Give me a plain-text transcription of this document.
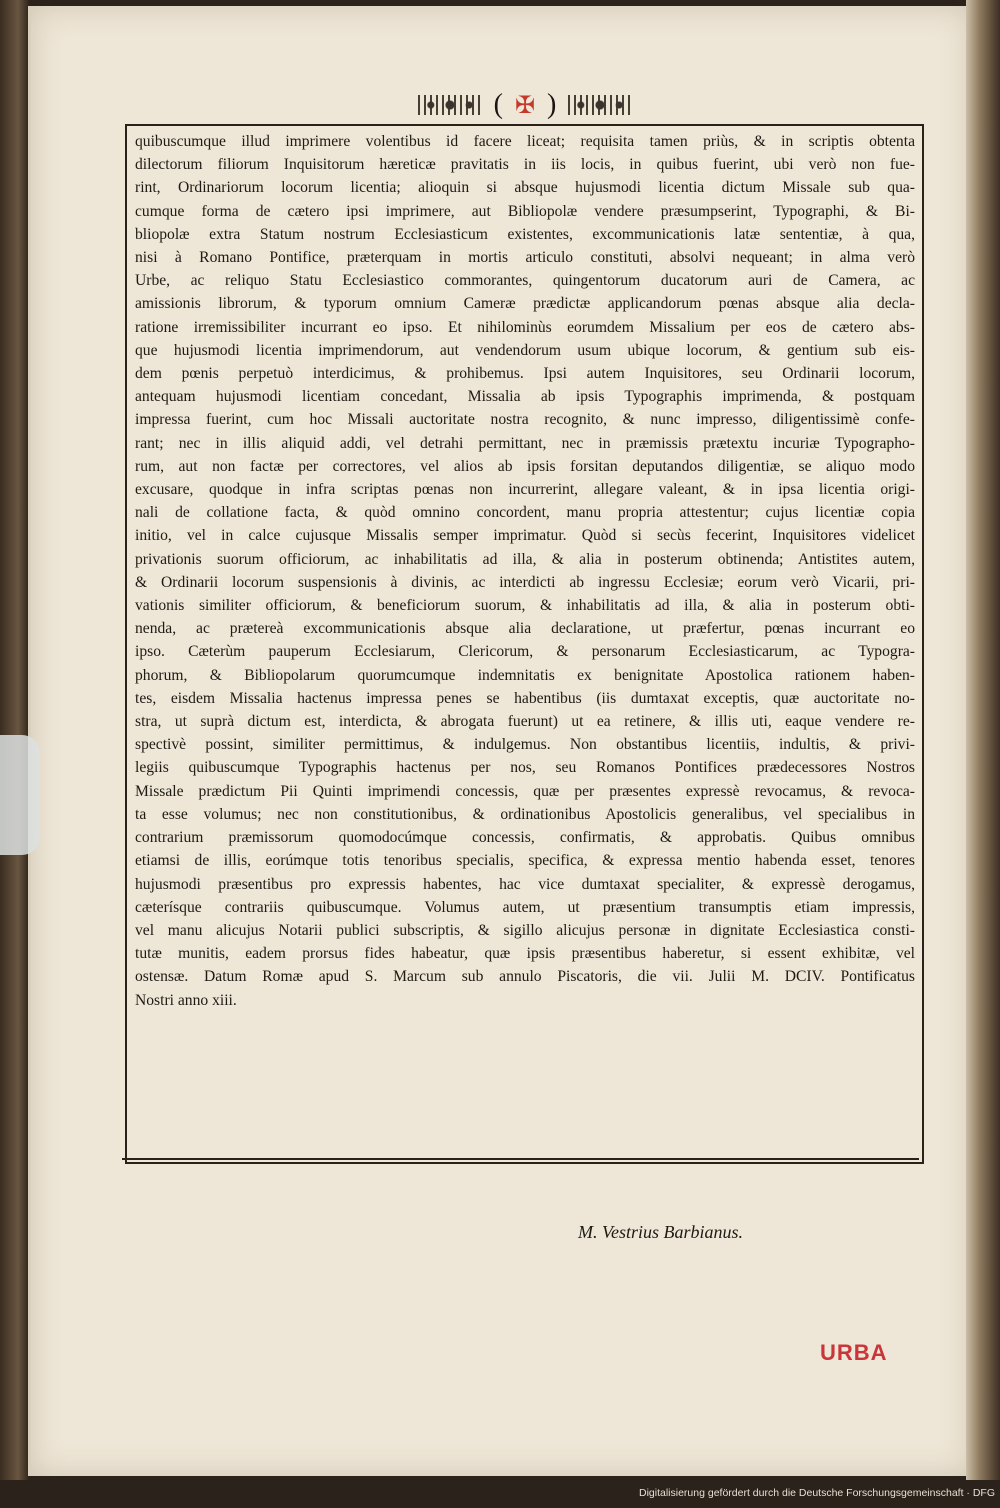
( ✠ )
quibuscumque illud imprimere volentibus id facere liceat; requisita tamen priùs, & in scriptis obtenta
dilectorum filiorum Inquisitorum hæreticæ pravitatis in iis locis, in quibus fuerint, ubi verò non fue-
rint, Ordinariorum locorum licentia; alioquin si absque hujusmodi licentia dictum Missale sub qua-
cumque forma de cætero ipsi imprimere, aut Bibliopolæ vendere præsumpserint, Typographi, & Bi-
bliopolæ extra Statum nostrum Ecclesiasticum existentes, excommunicationis latæ sententiæ, à qua,
nisi à Romano Pontifice, præterquam in mortis articulo constituti, absolvi nequeant; in alma verò
Urbe, ac reliquo Statu Ecclesiastico commorantes, quingentorum ducatorum auri de Camera, ac
amissionis librorum, & typorum omnium Cameræ prædictæ applicandorum pœnas absque alia decla-
ratione irremissibiliter incurrant eo ipso. Et nihilominùs eorumdem Missalium per eos de cætero abs-
que hujusmodi licentia imprimendorum, aut vendendorum usum ubique locorum, & gentium sub eis-
dem pœnis perpetuò interdicimus, & prohibemus. Ipsi autem Inquisitores, seu Ordinarii locorum,
antequam hujusmodi licentiam concedant, Missalia ab ipsis Typographis imprimenda, & postquam
impressa fuerint, cum hoc Missali auctoritate nostra recognito, & nunc impresso, diligentissimè confe-
rant; nec in illis aliquid addi, vel detrahi permittant, nec in præmissis prætextu incuriæ Typographo-
rum, aut non factæ per correctores, vel alios ab ipsis forsitan deputandos diligentiæ, se aliquo modo
excusare, quodque in infra scriptas pœnas non incurrerint, allegare valeant, & in ipsa licentia origi-
nali de collatione facta, & quòd omnino concordent, manu propria attestentur; cujus licentiæ copia
initio, vel in calce cujusque Missalis semper imprimatur. Quòd si secùs fecerint, Inquisitores videlicet
privationis suorum officiorum, ac inhabilitatis ad illa, & alia in posterum obtinenda; Antistites autem,
& Ordinarii locorum suspensionis à divinis, ac interdicti ab ingressu Ecclesiæ; eorum verò Vicarii, pri-
vationis similiter officiorum, & beneficiorum suorum, & inhabilitatis ad illa, & alia in posterum obti-
nenda, ac prætereà excommunicationis absque alia declaratione, ut præfertur, pœnas incurrant eo
ipso. Cæterùm pauperum Ecclesiarum, Clericorum, & personarum Ecclesiasticarum, ac Typogra-
phorum, & Bibliopolarum quorumcumque indemnitatis ex benignitate Apostolica rationem haben-
tes, eisdem Missalia hactenus impressa penes se habentibus (iis dumtaxat exceptis, quæ auctoritate no-
stra, ut suprà dictum est, interdicta, & abrogata fuerunt) ut ea retinere, & illis uti, eaque vendere re-
spectivè possint, similiter permittimus, & indulgemus. Non obstantibus licentiis, indultis, & privi-
legiis quibuscumque Typographis hactenus per nos, seu Romanos Pontifices prædecessores Nostros
Missale prædictum Pii Quinti imprimendi concessis, quæ per præsentes expressè revocamus, & revoca-
ta esse volumus; nec non constitutionibus, & ordinationibus Apostolicis generalibus, vel specialibus in
contrarium præmissorum quomodocúmque concessis, confirmatis, & approbatis. Quibus omnibus
etiamsi de illis, eorúmque totis tenoribus specialis, specifica, & expressa mentio habenda esset, tenores
hujusmodi præsentibus pro expressis habentes, hac vice dumtaxat specialiter, & expressè derogamus,
cæterísque contrariis quibuscumque. Volumus autem, ut præsentium transumptis etiam impressis,
vel manu alicujus Notarii publici subscriptis, & sigillo alicujus personæ in dignitate Ecclesiastica consti-
tutæ munitis, eadem prorsus fides habeatur, quæ ipsis præsentibus haberetur, si essent exhibitæ, vel
ostensæ. Datum Romæ apud S. Marcum sub annulo Piscatoris, die vii. Julii M. DCIV. Pontificatus
Nostri anno xiii.
M. Vestrius Barbianus.
URBA
Digitalisierung gefördert durch die Deutsche Forschungsgemeinschaft · DFG
